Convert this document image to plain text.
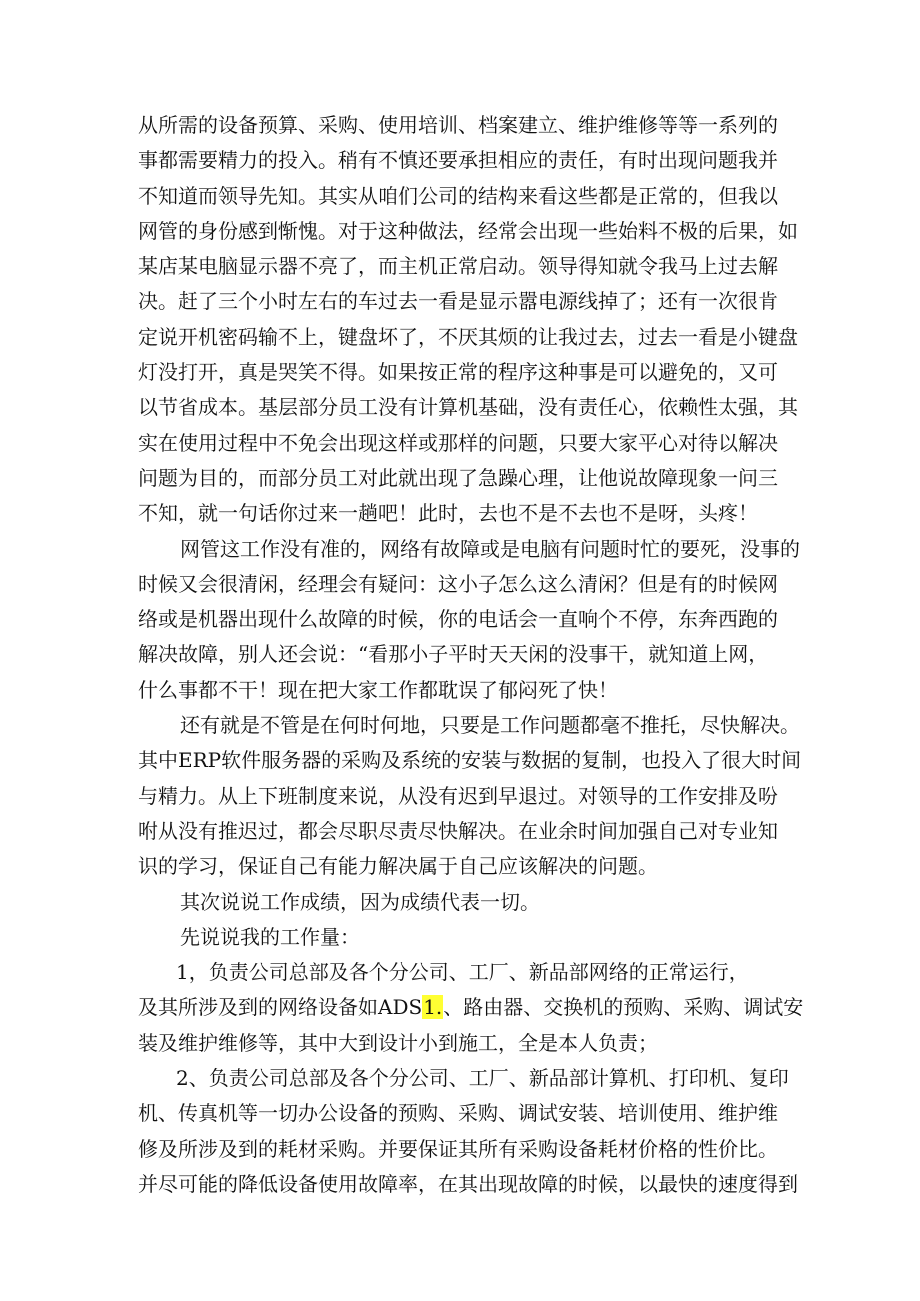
从所需的设备预算、采购、使用培训、档案建立、维护维修等等一系列的
事都需要精力的投入。稍有不慎还要承担相应的责任，有时出现问题我并
不知道而领导先知。其实从咱们公司的结构来看这些都是正常的，但我以
网管的身份感到惭愧。对于这种做法，经常会出现一些始料不极的后果，如
某店某电脑显示器不亮了，而主机正常启动。领导得知就令我马上过去解
决。赶了三个小时左右的车过去一看是显示嚣电源线掉了；还有一次很肯
定说开机密码输不上，键盘坏了，不厌其烦的让我过去，过去一看是小键盘
灯没打开，真是哭笑不得。如果按正常的程序这种事是可以避免的，又可
以节省成本。基层部分员工没有计算机基础，没有责任心，依赖性太强，其
实在使用过程中不免会出现这样或那样的问题，只要大家平心对待以解决
问题为目的，而部分员工对此就出现了急躁心理，让他说故障现象一问三
不知，就一句话你过来一趟吧！此时，去也不是不去也不是呀，头疼！
网管这工作没有准的，网络有故障或是电脑有问题时忙的要死，没事的
时候又会很清闲，经理会有疑问：这小子怎么这么清闲？但是有的时候网
络或是机器出现什么故障的时候，你的电话会一直响个不停，东奔西跑的
解决故障，别人还会说：“看那小子平时天天闲的没事干，就知道上网，
什么事都不干！现在把大家工作都耽误了郁闷死了快！
还有就是不管是在何时何地，只要是工作问题都毫不推托，尽快解决。
其中ERP软件服务器的采购及系统的安装与数据的复制，也投入了很大时间
与精力。从上下班制度来说，从没有迟到早退过。对领导的工作安排及吩
咐从没有推迟过，都会尽职尽责尽快解决。在业余时间加强自己对专业知
识的学习，保证自己有能力解决属于自己应该解决的问题。
其次说说工作成绩，因为成绩代表一切。
先说说我的工作量：
1，负责公司总部及各个分公司、工厂、新品部网络的正常运行，
及其所涉及到的网络设备如ADS1.、路由器、交换机的预购、采购、调试安
装及维护维修等，其中大到设计小到施工，全是本人负责；
2、负责公司总部及各个分公司、工厂、新品部计算机、打印机、复印
机、传真机等一切办公设备的预购、采购、调试安装、培训使用、维护维
修及所涉及到的耗材采购。并要保证其所有采购设备耗材价格的性价比。
并尽可能的降低设备使用故障率，在其出现故障的时候，以最快的速度得到
